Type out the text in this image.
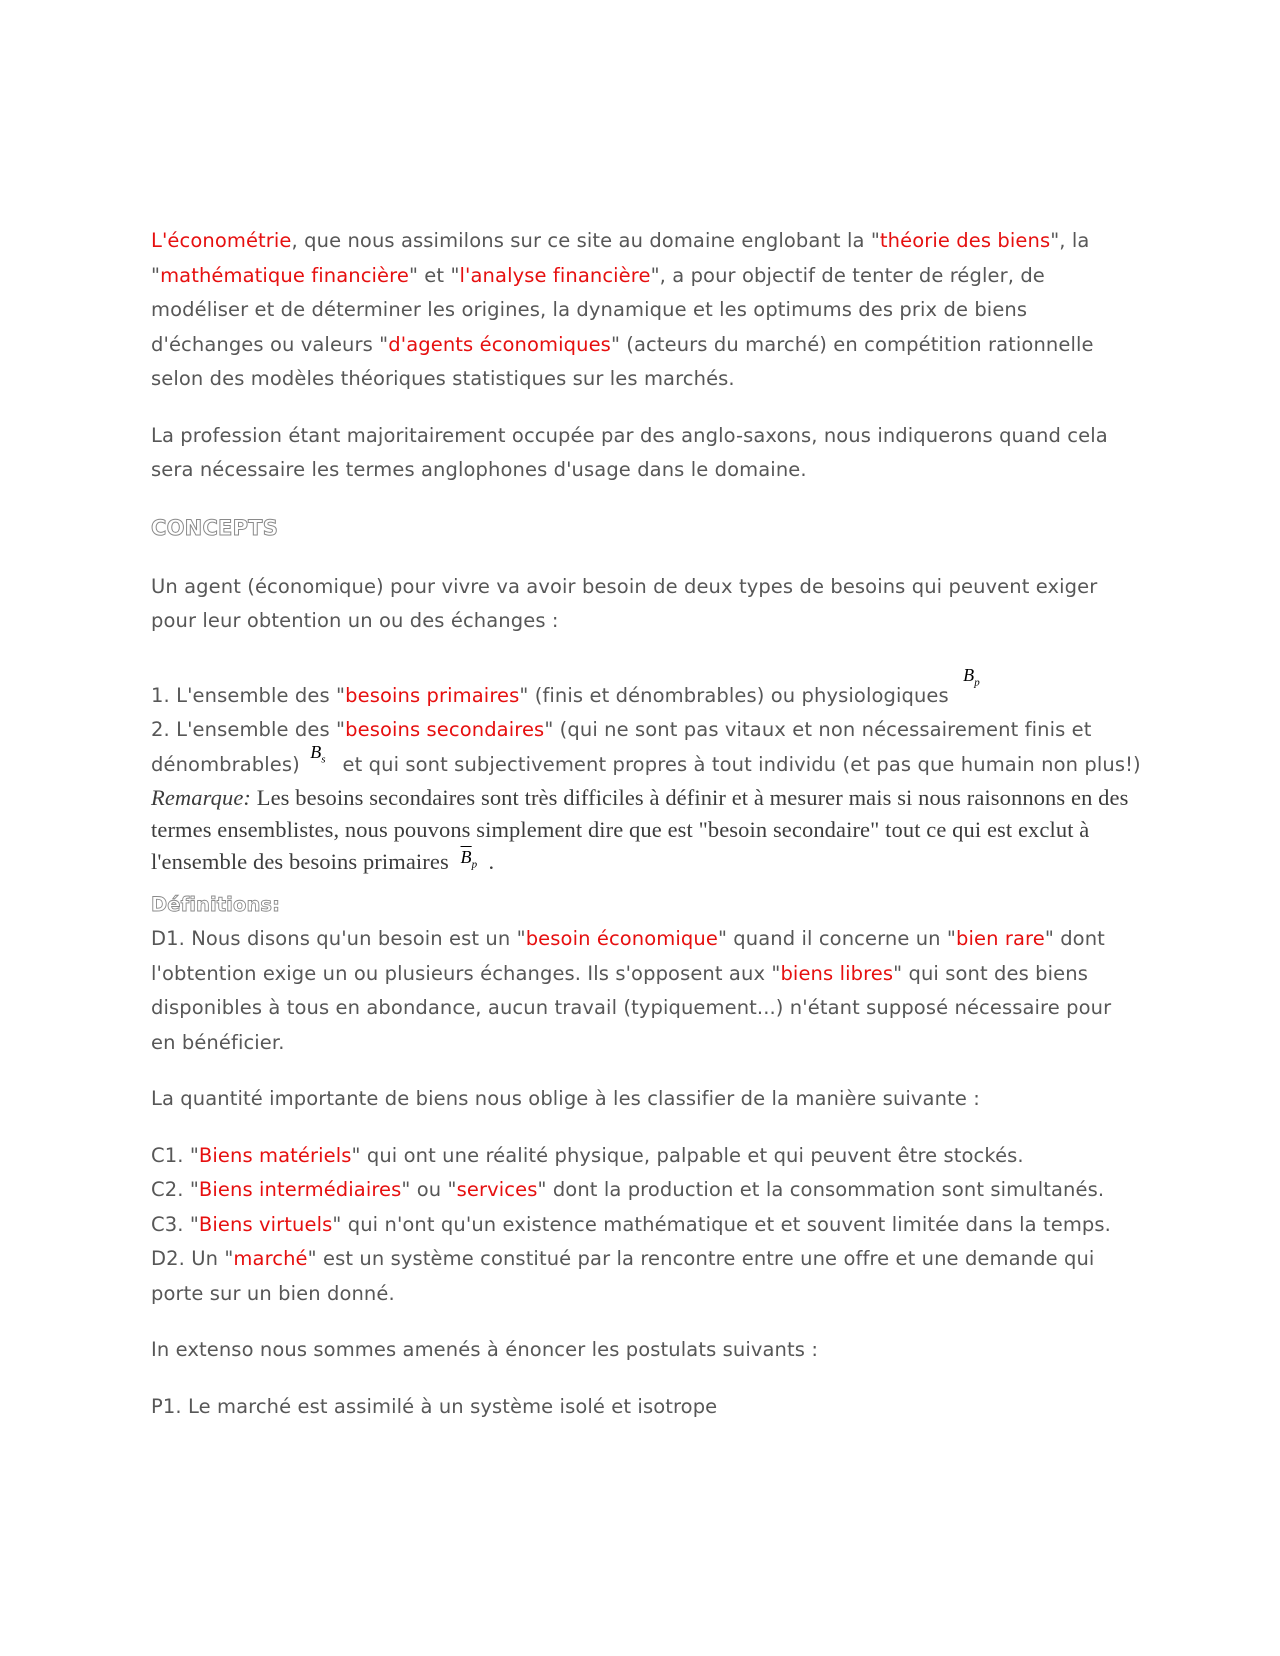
L'économétrie, que nous assimilons sur ce site au domaine englobant la "théorie des biens", la "mathématique financière" et "l'analyse financière", a pour objectif de tenter de régler, de modéliser et de déterminer les origines, la dynamique et les optimums des prix de biens d'échanges ou valeurs "d'agents économiques" (acteurs du marché) en compétition rationnelle selon des modèles théoriques statistiques sur les marchés.

La profession étant majoritairement occupée par des anglo-saxons, nous indiquerons quand cela sera nécessaire les termes anglophones d'usage dans le domaine.

CONCEPTS

Un agent (économique) pour vivre va avoir besoin de deux types de besoins qui peuvent exiger pour leur obtention un ou des échanges :

1. L'ensemble des "besoins primaires" (finis et dénombrables) ou physiologiques
$B_p$

2. L'ensemble des "besoins secondaires" (qui ne sont pas vitaux et non nécessairement finis et dénombrables)
$B_s$ et qui sont subjectivement propres à tout individu (et pas que humain non plus!)

Remarque: Les besoins secondaires sont très difficiles à définir et à mesurer mais si nous raisonnons en des termes ensemblistes, nous pouvons simplement dire que est "besoin secondaire" tout ce qui est exclut à l'ensemble des besoins primaires $\overline{B}_p$ .

Définitions:

D1. Nous disons qu'un besoin est un "besoin économique" quand il concerne un "bien rare" dont l'obtention exige un ou plusieurs échanges. Ils s'opposent aux "biens libres" qui sont des biens disponibles à tous en abondance, aucun travail (typiquement...) n'étant supposé nécessaire pour en bénéficier.

La quantité importante de biens nous oblige à les classifier de la manière suivante :

C1. "Biens matériels" qui ont une réalité physique, palpable et qui peuvent être stockés.

C2. "Biens intermédiaires" ou "services" dont la production et la consommation sont simultanés.

C3. "Biens virtuels" qui n'ont qu'un existence mathématique et et souvent limitée dans la temps.

D2. Un "marché" est un système constitué par la rencontre entre une offre et une demande qui porte sur un bien donné.

In extenso nous sommes amenés à énoncer les postulats suivants :

P1. Le marché est assimilé à un système isolé et isotrope
